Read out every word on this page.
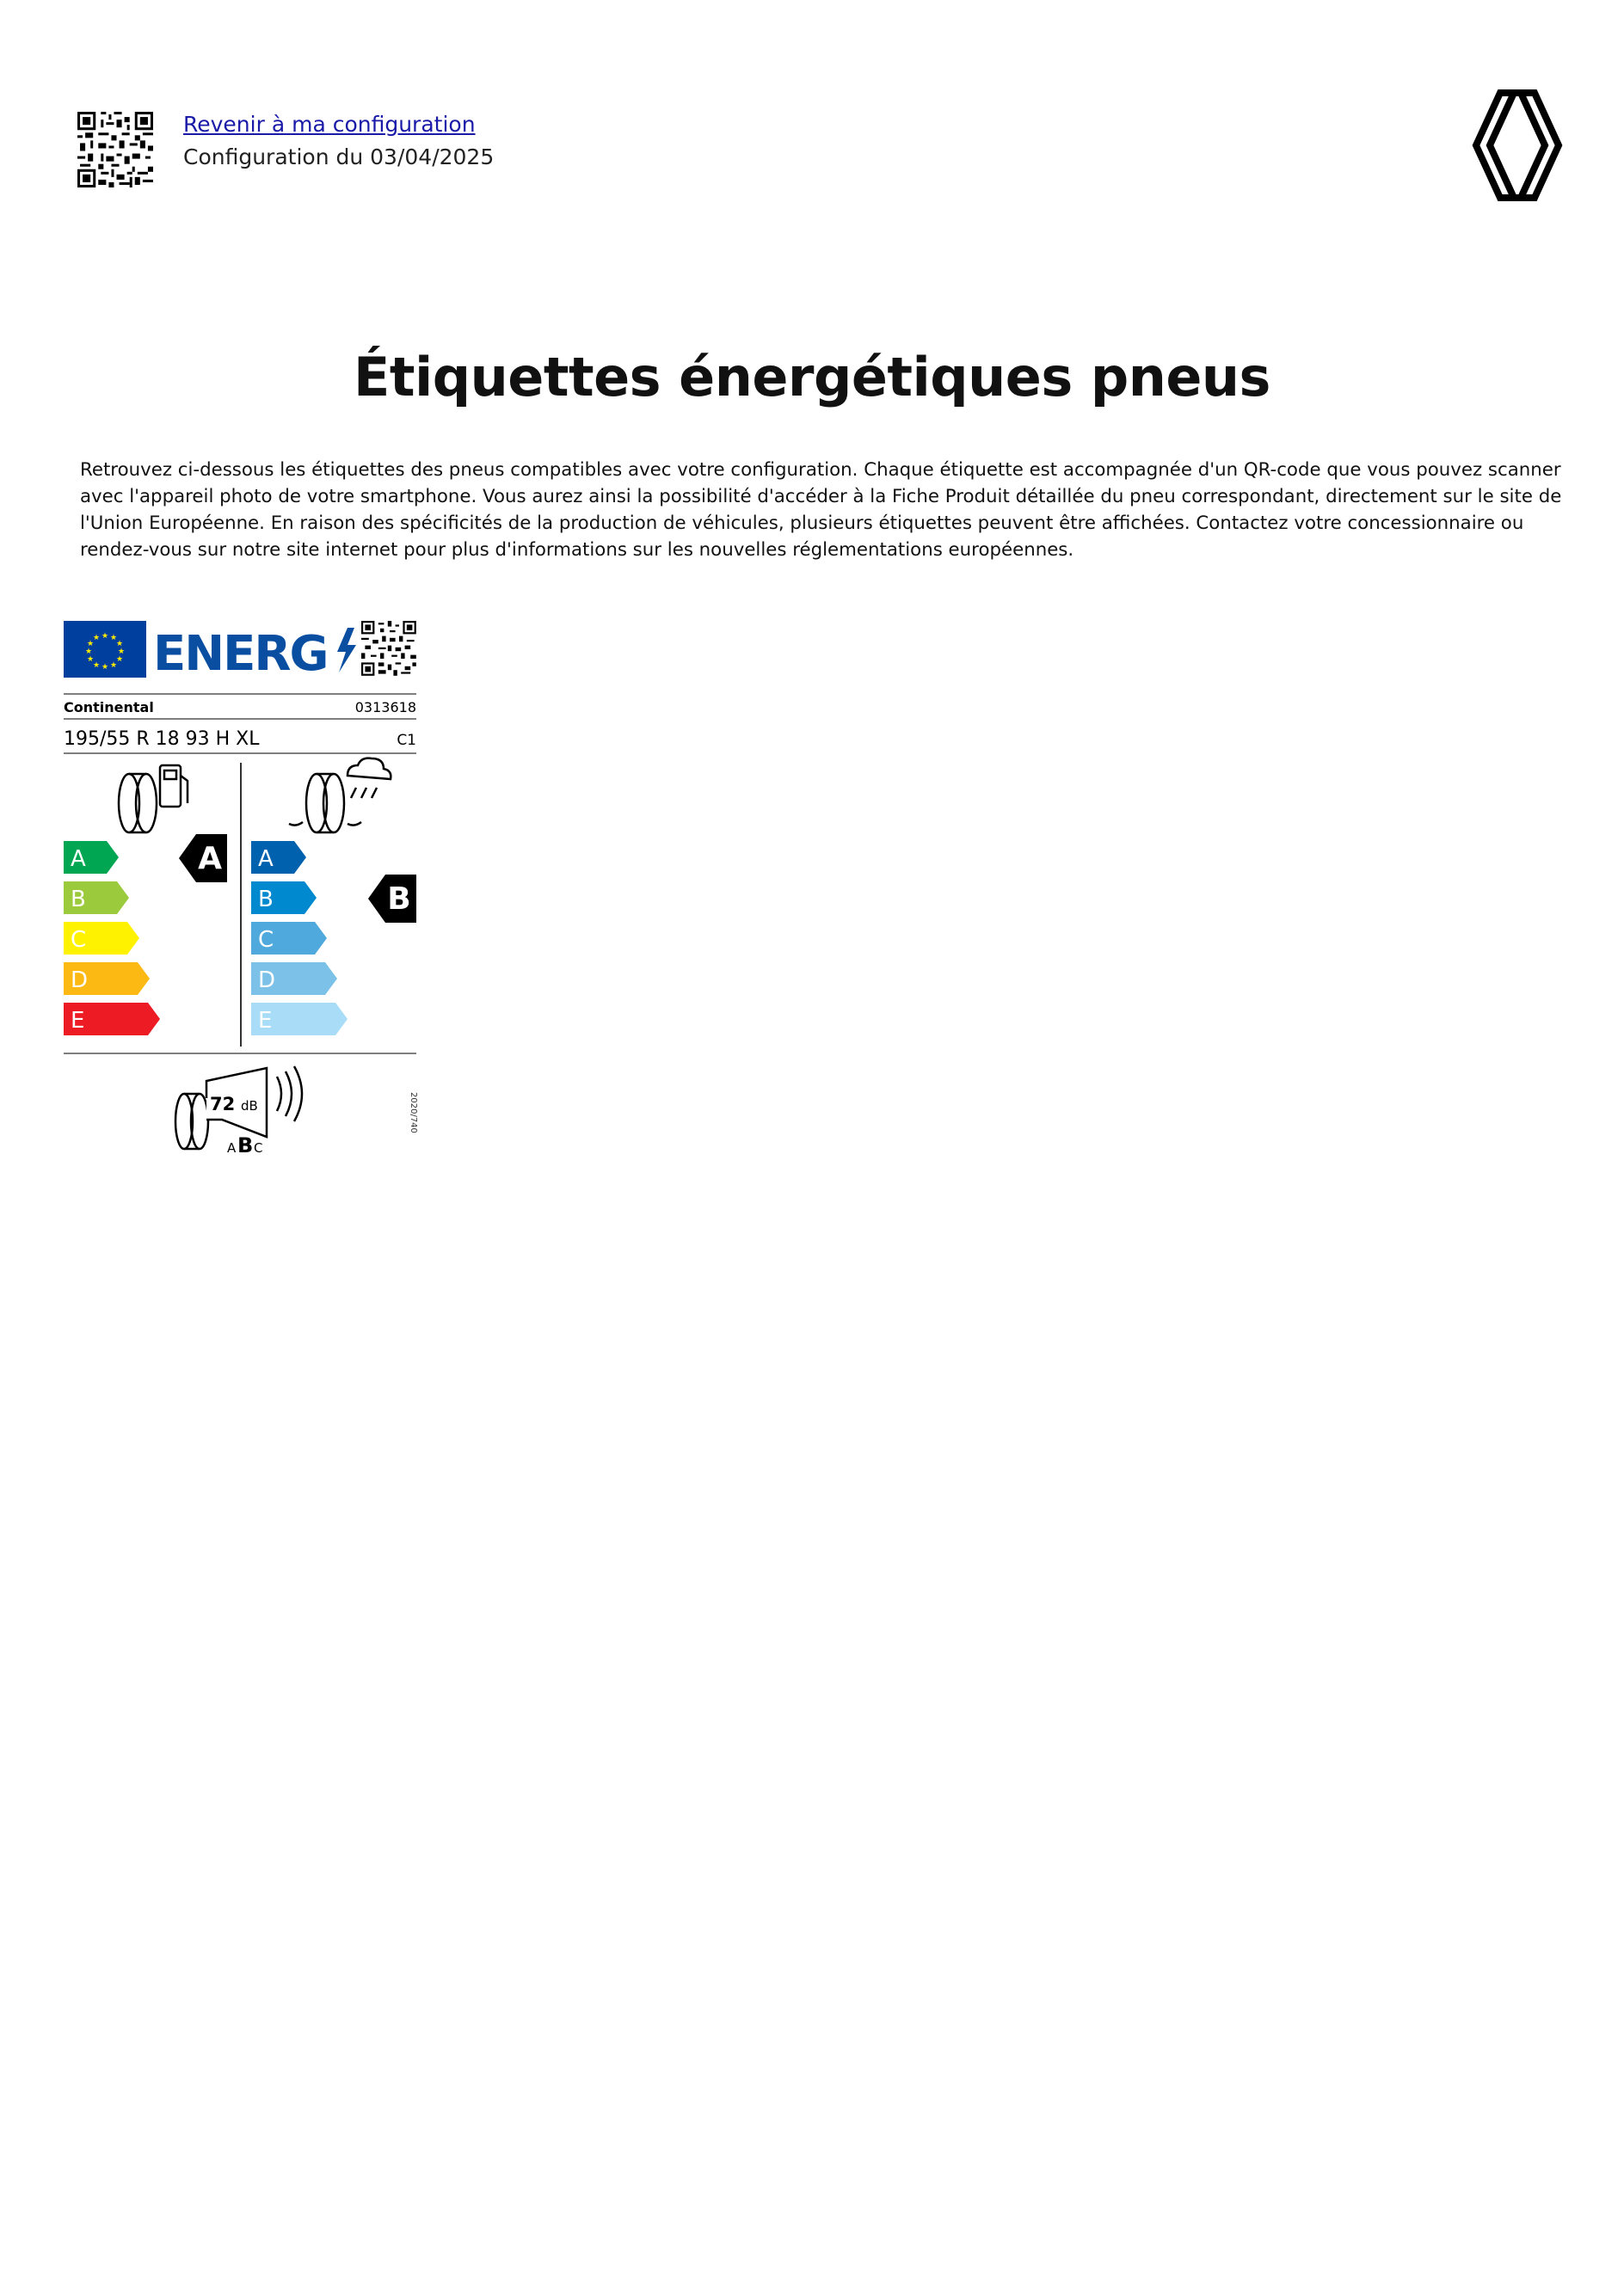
Revenir à ma configuration
Configuration du 03/04/2025
Étiquettes énergétiques pneus

Retrouvez ci-dessous les étiquettes des pneus compatibles avec votre configuration. Chaque étiquette est accompagnée d'un QR-code que vous pouvez scanner avec l'appareil photo de votre smartphone. Vous aurez ainsi la possibilité d'accéder à la Fiche Produit détaillée du pneu correspondant, directement sur le site de l'Union Européenne. En raison des spécificités de la production de véhicules, plusieurs étiquettes peuvent être affichées. Contactez votre concessionnaire ou rendez-vous sur notre site internet pour plus d'informations sur les nouvelles réglementations européennes.

★ ★
★
★
★
★
★
★
★
★
★
★ ENERG
Continental	0313618
195/55 R 18 93 H XL	C1
A	A
B
C
D
E
A
B	B
C
D
E
72 dB
A B C
2020/740
